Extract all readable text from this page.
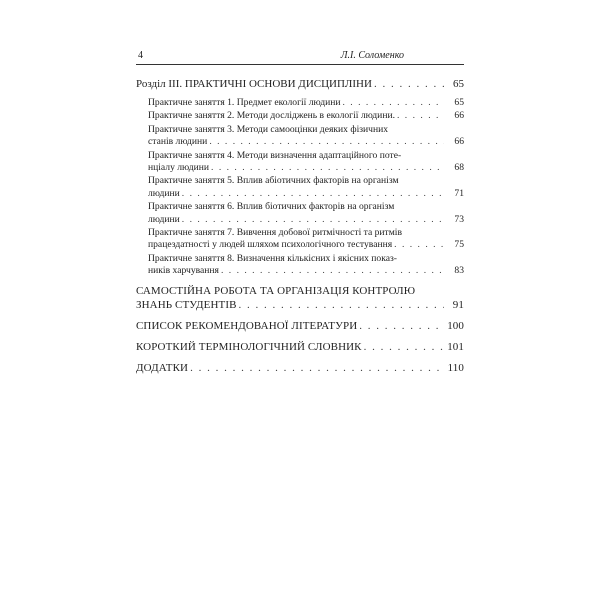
4	Л.І. Соломенко
Розділ III. ПРАКТИЧНІ ОСНОВИ ДИСЦИПЛІНИ . . .	65
Практичне заняття 1. Предмет екології людини . . .	65
Практичне заняття 2. Методи досліджень в екології людини. . . .	66
Практичне заняття 3. Методи самооцінки деяких фізичних
станів людини . . .	66
Практичне заняття 4. Методи визначення адаптаційного поте-
нціалу людини . . .	68
Практичне заняття 5. Вплив абіотичних факторів на організм
людини . . .	71
Практичне заняття 6. Вплив біотичних факторів на організм
людини . . .	73
Практичне заняття 7. Вивчення добової ритмічності та ритмів
працездатності у людей шляхом психологічного тестування . . .	75
Практичне заняття 8. Визначення кількісних і якісних показ-
ників харчування . . .	83
САМОСТІЙНА РОБОТА ТА ОРГАНІЗАЦІЯ КОНТРОЛЮ
ЗНАНЬ СТУДЕНТІВ . . .	91
СПИСОК РЕКОМЕНДОВАНОЇ ЛІТЕРАТУРИ . . .	100
КОРОТКИЙ ТЕРМІНОЛОГІЧНИЙ СЛОВНИК . . .	101
ДОДАТКИ . . .	110
